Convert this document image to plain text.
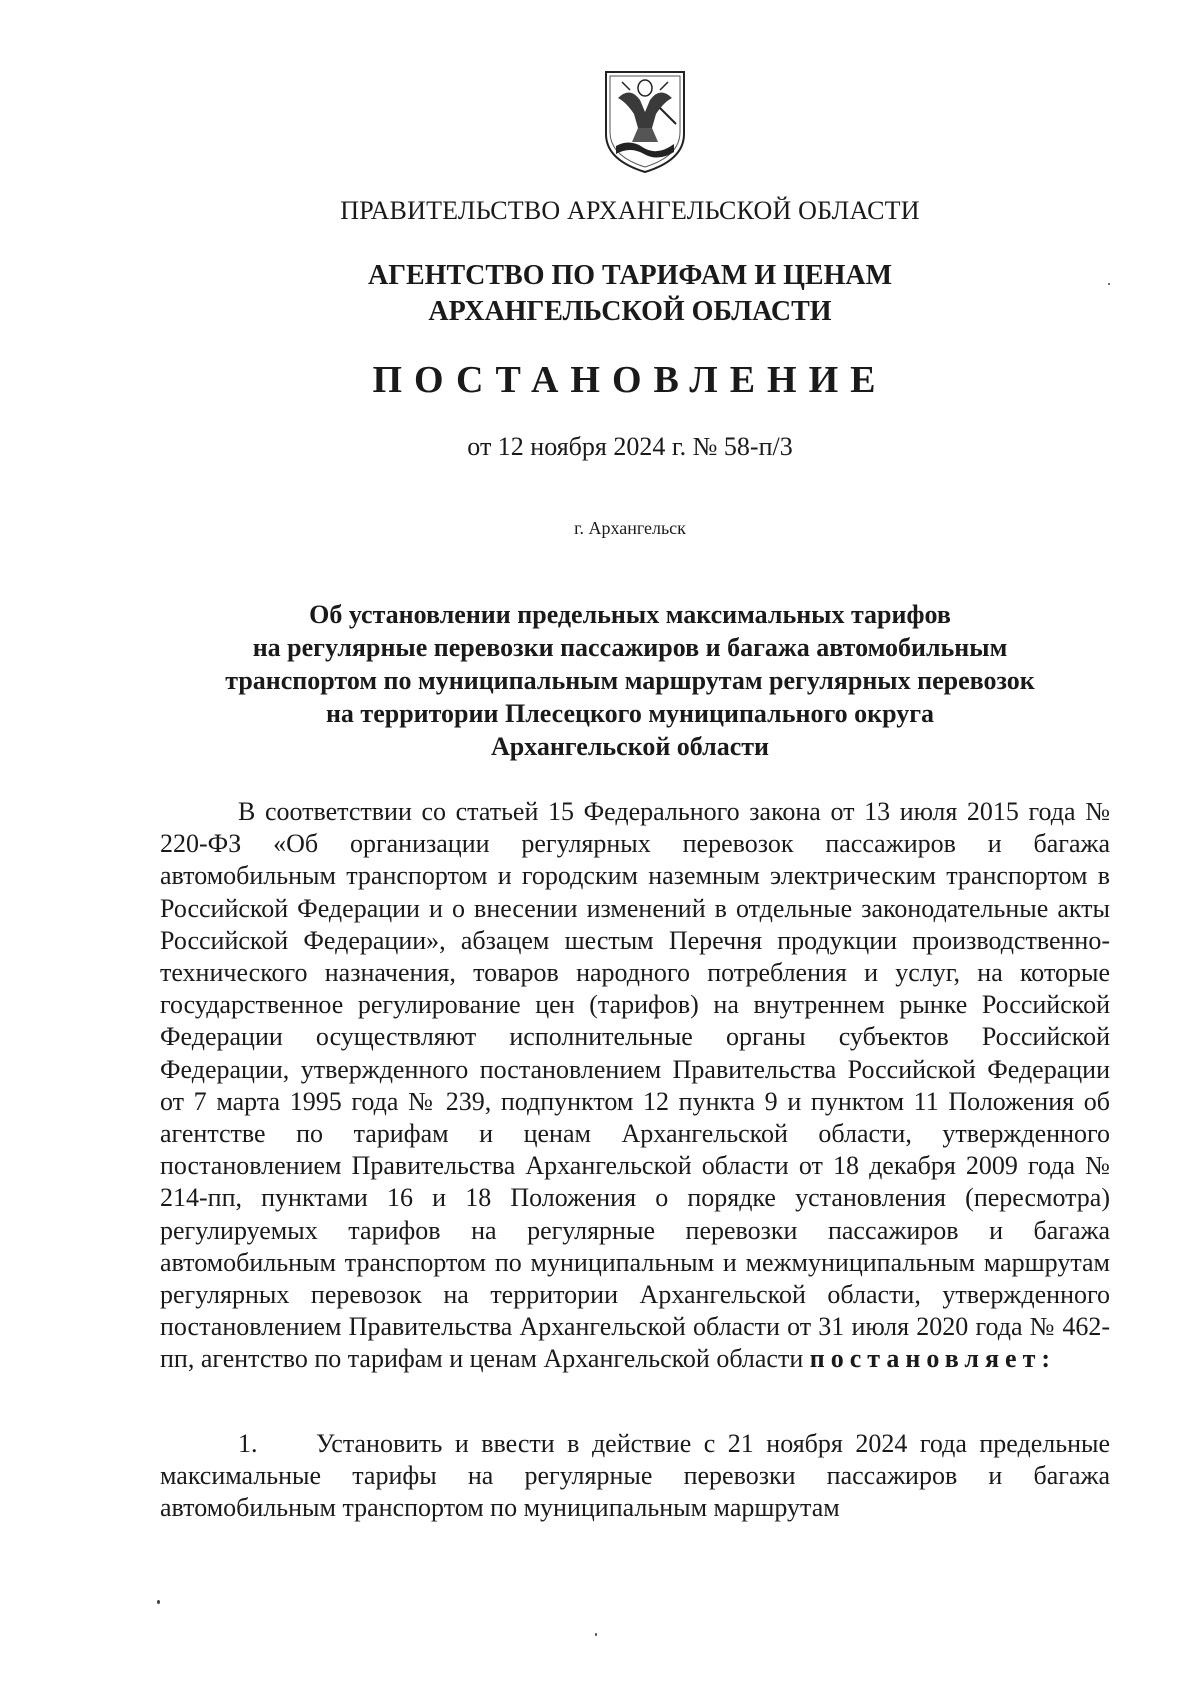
ПРАВИТЕЛЬСТВО АРХАНГЕЛЬСКОЙ ОБЛАСТИ
АГЕНТСТВО ПО ТАРИФАМ И ЦЕНАМ
АРХАНГЕЛЬСКОЙ ОБЛАСТИ
ПОСТАНОВЛЕНИЕ
от 12 ноября 2024 г. № 58-п/3
г. Архангельск
Об установлении предельных максимальных тарифов
на регулярные перевозки пассажиров и багажа автомобильным
транспортом по муниципальным маршрутам регулярных перевозок
на территории Плесецкого муниципального округа
Архангельской области
В соответствии со статьей 15 Федерального закона от 13 июля 2015 года № 220-ФЗ «Об организации регулярных перевозок пассажиров и багажа автомобильным транспортом и городским наземным электрическим транспортом в Российской Федерации и о внесении изменений в отдельные законодательные акты Российской Федерации», абзацем шестым Перечня продукции производственно-технического назначения, товаров народного потребления и услуг, на которые государственное регулирование цен (тарифов) на внутреннем рынке Российской Федерации осуществляют исполнительные органы субъектов Российской Федерации, утвержденного постановлением Правительства Российской Федерации от 7 марта 1995 года № 239, подпунктом 12 пункта 9 и пунктом 11 Положения об агентстве по тарифам и ценам Архангельской области, утвержденного постановлением Правительства Архангельской области от 18 декабря 2009 года № 214-пп, пунктами 16 и 18 Положения о порядке установления (пересмотра) регулируемых тарифов на регулярные перевозки пассажиров и багажа автомобильным транспортом по муниципальным и межмуниципальным маршрутам регулярных перевозок на территории Архангельской области, утвержденного постановлением Правительства Архангельской области от 31 июля 2020 года № 462-пп, агентство по тарифам и ценам Архангельской области постановляет:
1. Установить и ввести в действие с 21 ноября 2024 года предельные максимальные тарифы на регулярные перевозки пассажиров и багажа автомобильным транспортом по муниципальным маршрутам
